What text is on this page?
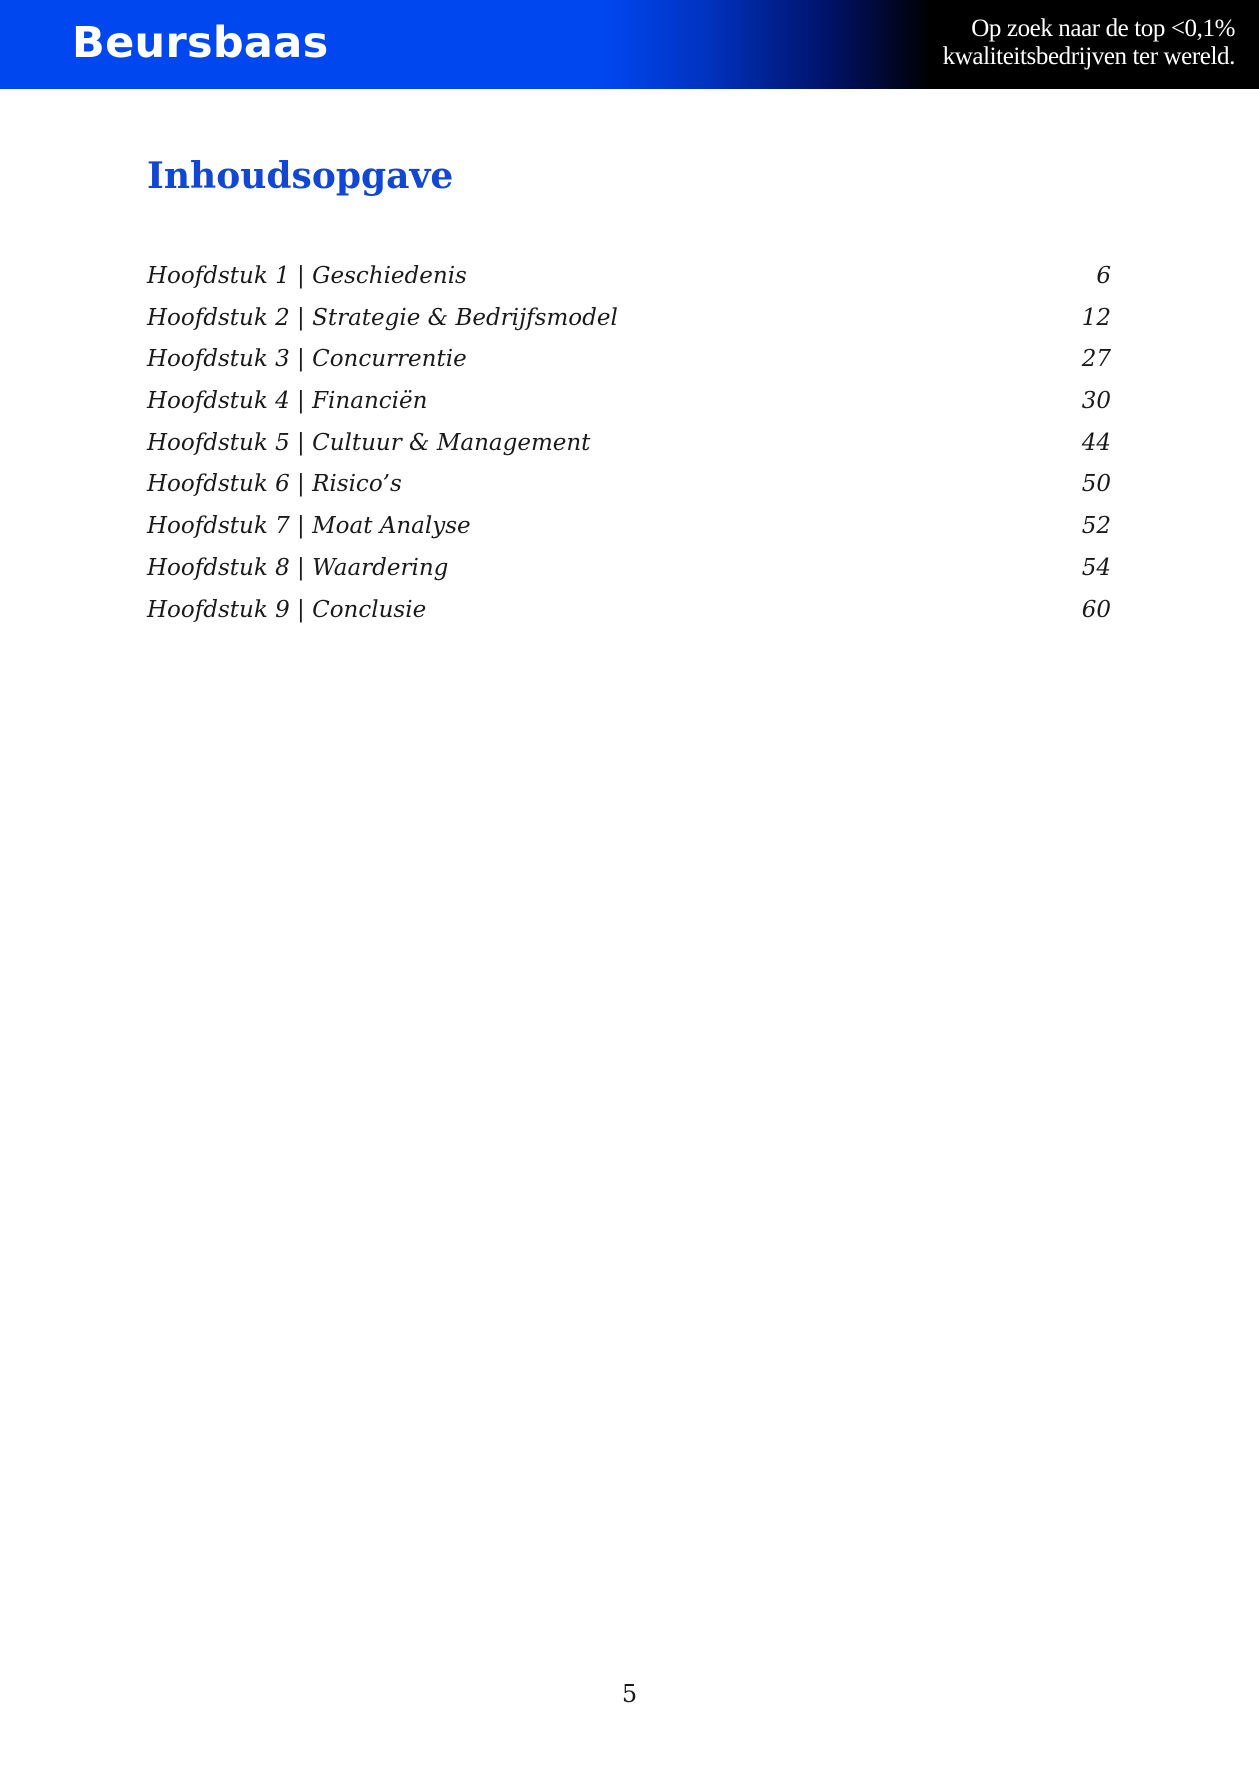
Beursbaas	Op zoek naar de top <0,1%
kwaliteitsbedrijven ter wereld.
Inhoudsopgave
Hoofdstuk 1 | Geschiedenis	6
Hoofdstuk 2 | Strategie & Bedrijfsmodel	12
Hoofdstuk 3 | Concurrentie	27
Hoofdstuk 4 | Financiën	30
Hoofdstuk 5 | Cultuur & Management	44
Hoofdstuk 6 | Risico’s	50
Hoofdstuk 7 | Moat Analyse	52
Hoofdstuk 8 | Waardering	54
Hoofdstuk 9 | Conclusie	60
5
